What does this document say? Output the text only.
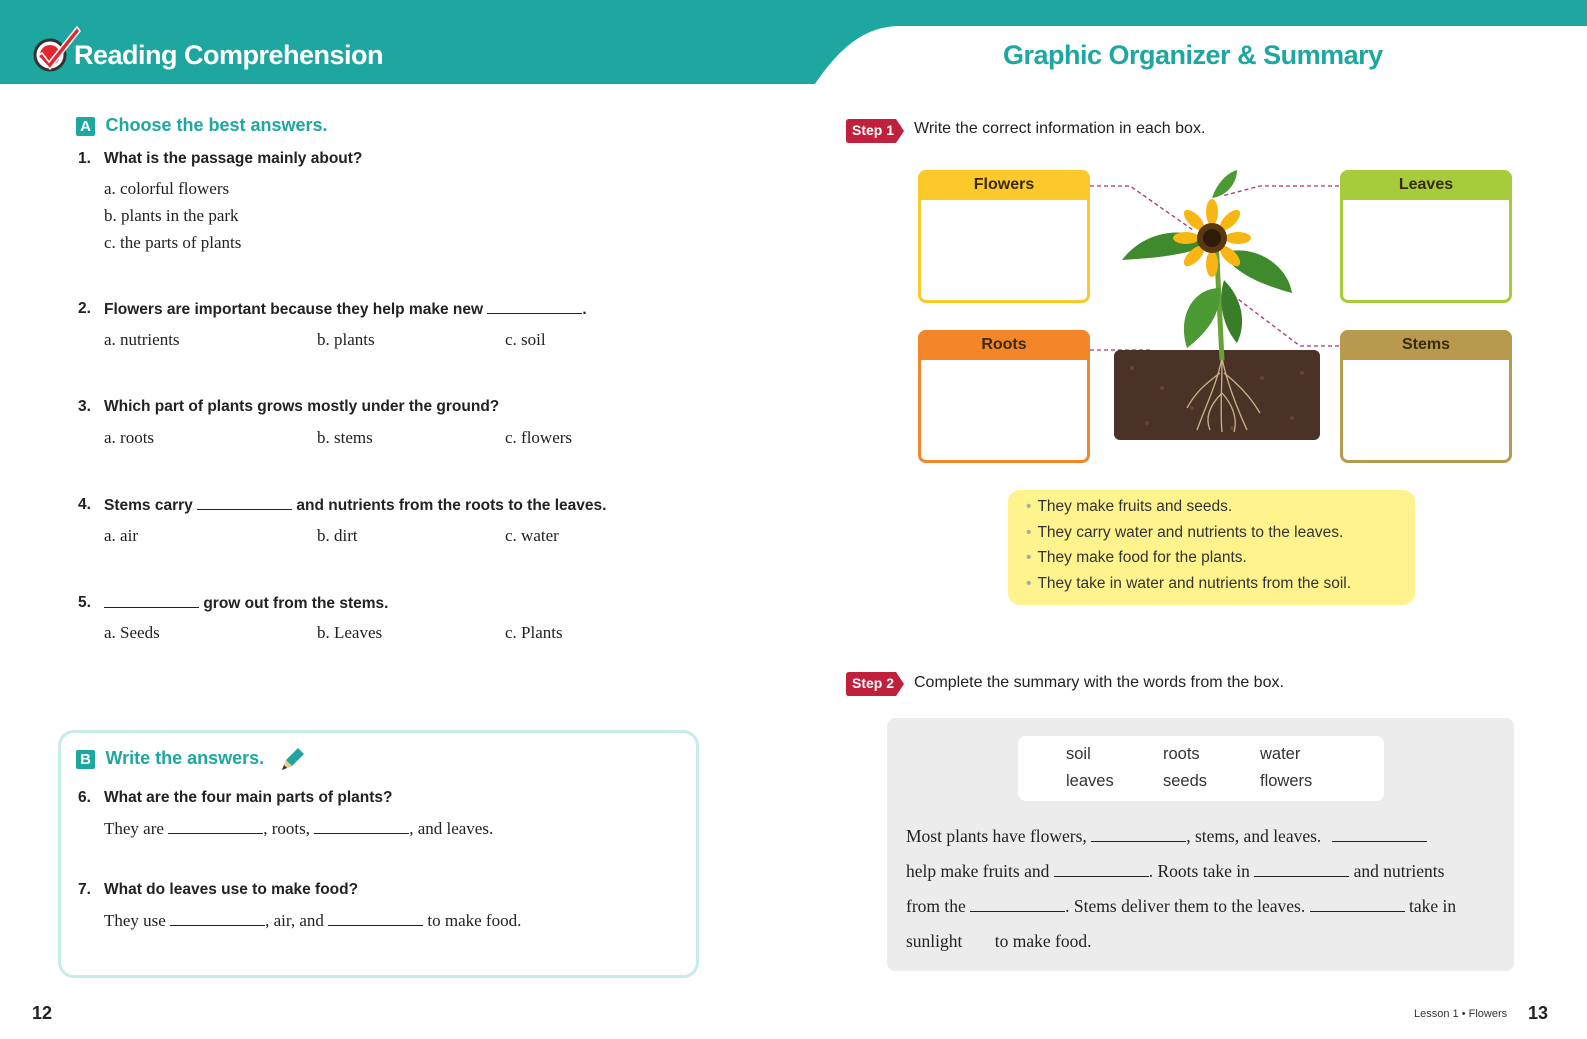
Reading Comprehension	Graphic Organizer & Summary
A Choose the best answers.
1. What is the passage mainly about?
a. colorful flowers
b. plants in the park
c. the parts of plants
2. Flowers are important because they help make new	.
a. nutrients	b. plants	c. soil
3. Which part of plants grows mostly under the ground?
a. roots	b. stems	c. flowers
4. Stems carry	and nutrients from the roots to the leaves.
a. air	b. dirt	c. water
5.	grow out from the stems.
a. Seeds	b. Leaves	c. Plants
B Write the answers.
6. What are the four main parts of plants?
They are	, roots,	, and leaves.
7. What do leaves use to make food?
They use	, air, and	to make food.
Step 1 Write the correct information in each box.
Flowers	Leaves
Roots	Stems
• They make fruits and seeds.
• They carry water and nutrients to the leaves.
• They make food for the plants.
• They take in water and nutrients from the soil.
Step 2 Complete the summary with the words from the box.
soil	roots	water
leaves	seeds	flowers
Most plants have flowers,	, stems, and leaves.
help make fruits and	. Roots take in	and nutrients
from the	. Stems deliver them to the leaves.	take in
sunlight to make food.
12	Lesson 1 • Flowers 13
